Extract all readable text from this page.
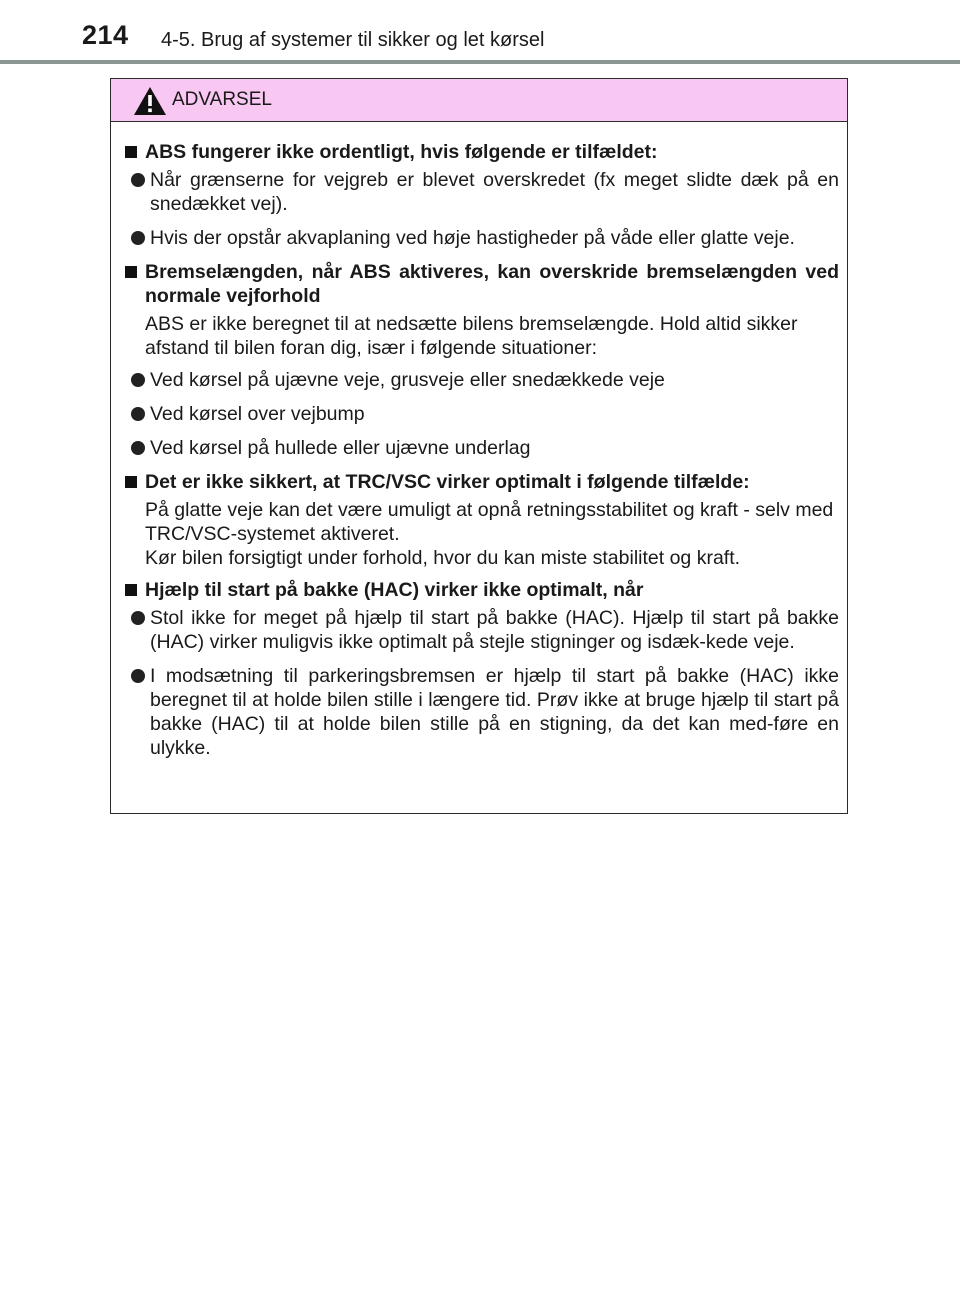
214 4-5. Brug af systemer til sikker og let kørsel
ADVARSEL
ABS fungerer ikke ordentligt, hvis følgende er tilfældet:
Når grænserne for vejgreb er blevet overskredet (fx meget slidte dæk på en snedækket vej).
Hvis der opstår akvaplaning ved høje hastigheder på våde eller glatte veje.
Bremselængden, når ABS aktiveres, kan overskride bremselængden ved normale vejforhold
ABS er ikke beregnet til at nedsætte bilens bremselængde. Hold altid sikker afstand til bilen foran dig, især i følgende situationer:
Ved kørsel på ujævne veje, grusveje eller snedækkede veje
Ved kørsel over vejbump
Ved kørsel på hullede eller ujævne underlag
Det er ikke sikkert, at TRC/VSC virker optimalt i følgende tilfælde:
På glatte veje kan det være umuligt at opnå retningsstabilitet og kraft - selv med TRC/VSC-systemet aktiveret.
Kør bilen forsigtigt under forhold, hvor du kan miste stabilitet og kraft.
Hjælp til start på bakke (HAC) virker ikke optimalt, når
Stol ikke for meget på hjælp til start på bakke (HAC). Hjælp til start på bakke (HAC) virker muligvis ikke optimalt på stejle stigninger og isdæk-kede veje.
I modsætning til parkeringsbremsen er hjælp til start på bakke (HAC) ikke beregnet til at holde bilen stille i længere tid. Prøv ikke at bruge hjælp til start på bakke (HAC) til at holde bilen stille på en stigning, da det kan med-føre en ulykke.
